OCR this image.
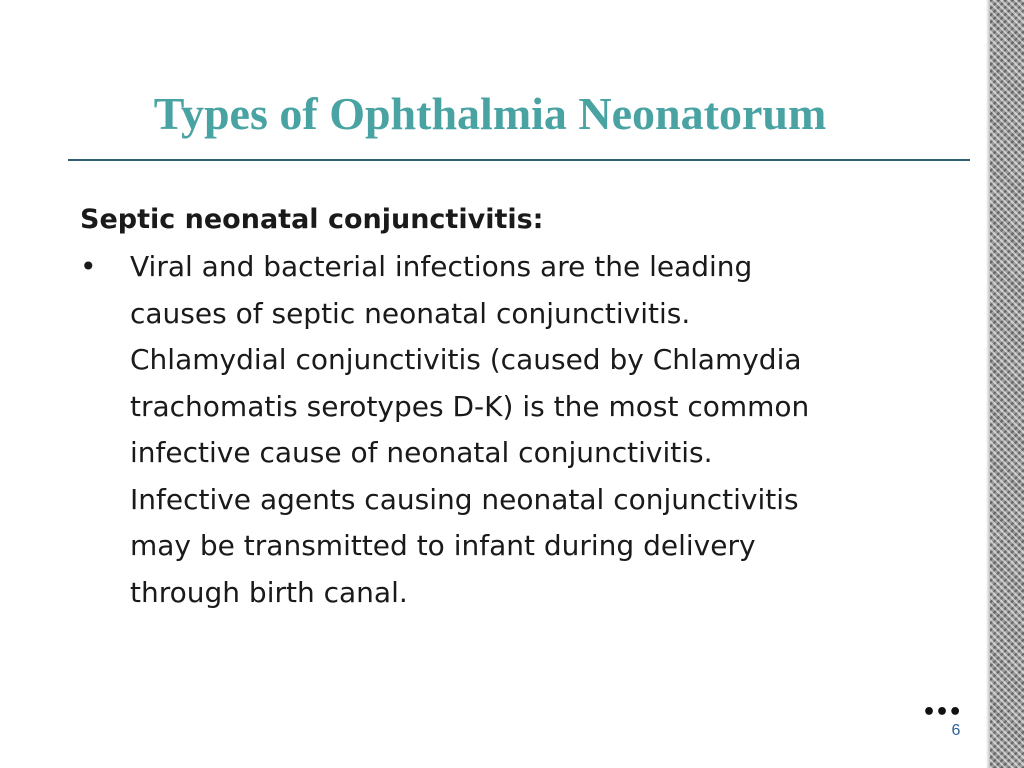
Types of Ophthalmia Neonatorum

Septic neonatal conjunctivitis:

•	Viral and bacterial infections are the leading
causes of septic neonatal conjunctivitis.
Chlamydial conjunctivitis (caused by Chlamydia
trachomatis serotypes D-K) is the most common
infective cause of neonatal conjunctivitis.
Infective agents causing neonatal conjunctivitis
may be transmitted to infant during delivery
through birth canal.
•••
6
